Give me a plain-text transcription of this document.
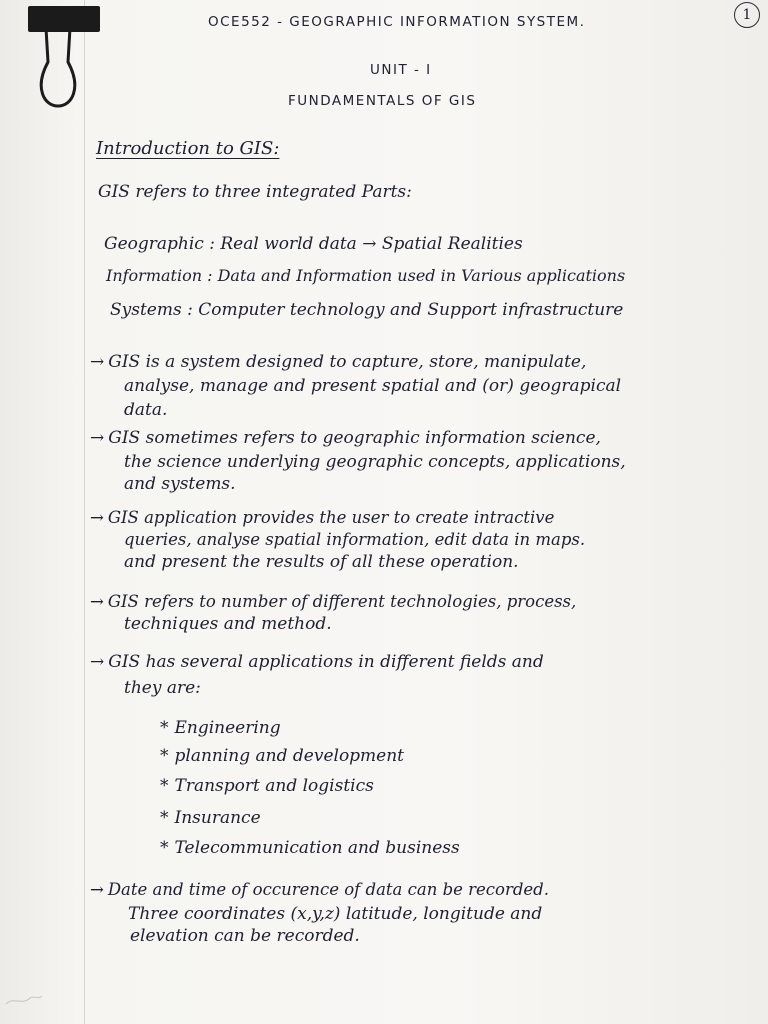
1
OCE552 - GEOGRAPHIC INFORMATION SYSTEM.
UNIT - I
FUNDAMENTALS OF GIS
Introduction to GIS:
GIS refers to three integrated Parts:
Geographic : Real world data → Spatial Realities
Information : Data and Information used in Various applications
Systems : Computer technology and Support infrastructure
→ GIS is a system designed to capture, store, manipulate,
analyse, manage and present spatial and (or) geograpical
data.
→ GIS sometimes refers to geographic information science,
the science underlying geographic concepts, applications,
and systems.
→ GIS application provides the user to create intractive
queries, analyse spatial information, edit data in maps.
and present the results of all these operation.
→ GIS refers to number of different technologies, process,
techniques and method.
→ GIS has several applications in different fields and
they are:
* Engineering
* planning and development
* Transport and logistics
* Insurance
* Telecommunication and business
→ Date and time of occurence of data can be recorded.
Three coordinates (x,y,z) latitude, longitude and
elevation can be recorded.
